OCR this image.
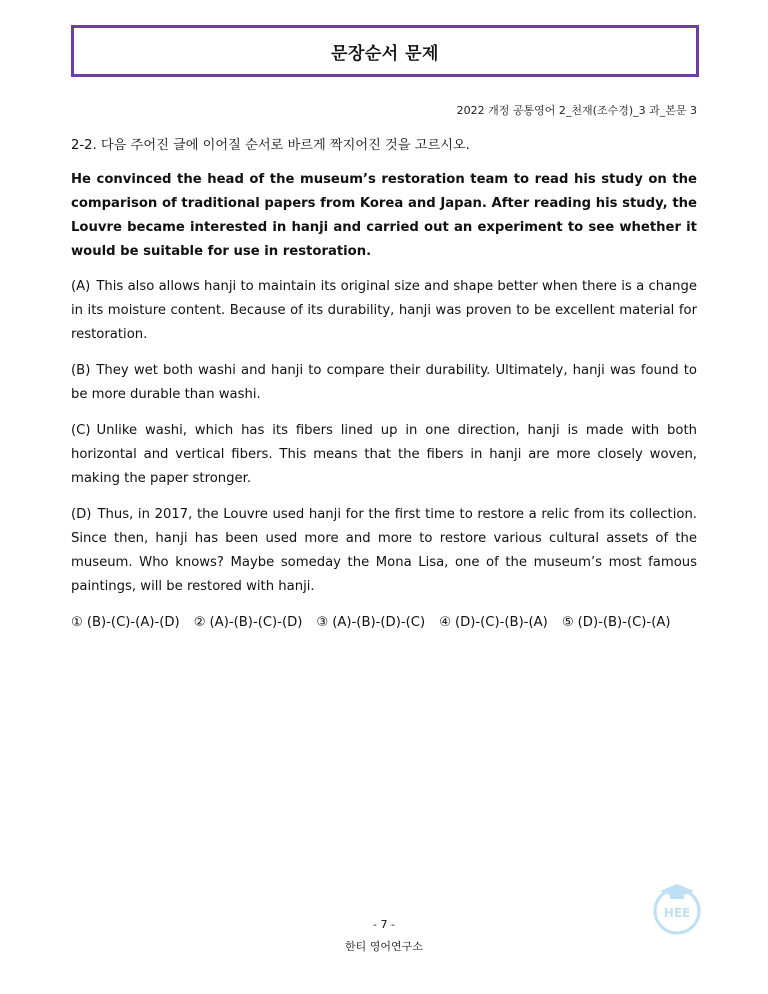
문장순서 문제
2022 개정 공통영어 2_천재(조수경)_3 과_본문 3

2-2. 다음 주어진 글에 이어질 순서로 바르게 짝지어진 것을 고르시오.

He convinced the head of the museum’s restoration team to read his study on the comparison of traditional papers from Korea and Japan. After reading his study, the Louvre became interested in hanji and carried out an experiment to see whether it would be suitable for use in restoration.

(A) This also allows hanji to maintain its original size and shape better when there is a change in its moisture content. Because of its durability, hanji was proven to be excellent material for restoration.

(B) They wet both washi and hanji to compare their durability. Ultimately, hanji was found to be more durable than washi.

(C) Unlike washi, which has its fibers lined up in one direction, hanji is made with both horizontal and vertical fibers. This means that the fibers in hanji are more closely woven, making the paper stronger.

(D) Thus, in 2017, the Louvre used hanji for the first time to restore a relic from its collection. Since then, hanji has been used more and more to restore various cultural assets of the museum. Who knows? Maybe someday the Mona Lisa, one of the museum’s most famous paintings, will be restored with hanji.

① (B)-(C)-(A)-(D) ② (A)-(B)-(C)-(D) ③ (A)-(B)-(D)-(C) ④ (D)-(C)-(B)-(A) ⑤ (D)-(B)-(C)-(A)
HEE
- 7 -
한티 영어연구소
